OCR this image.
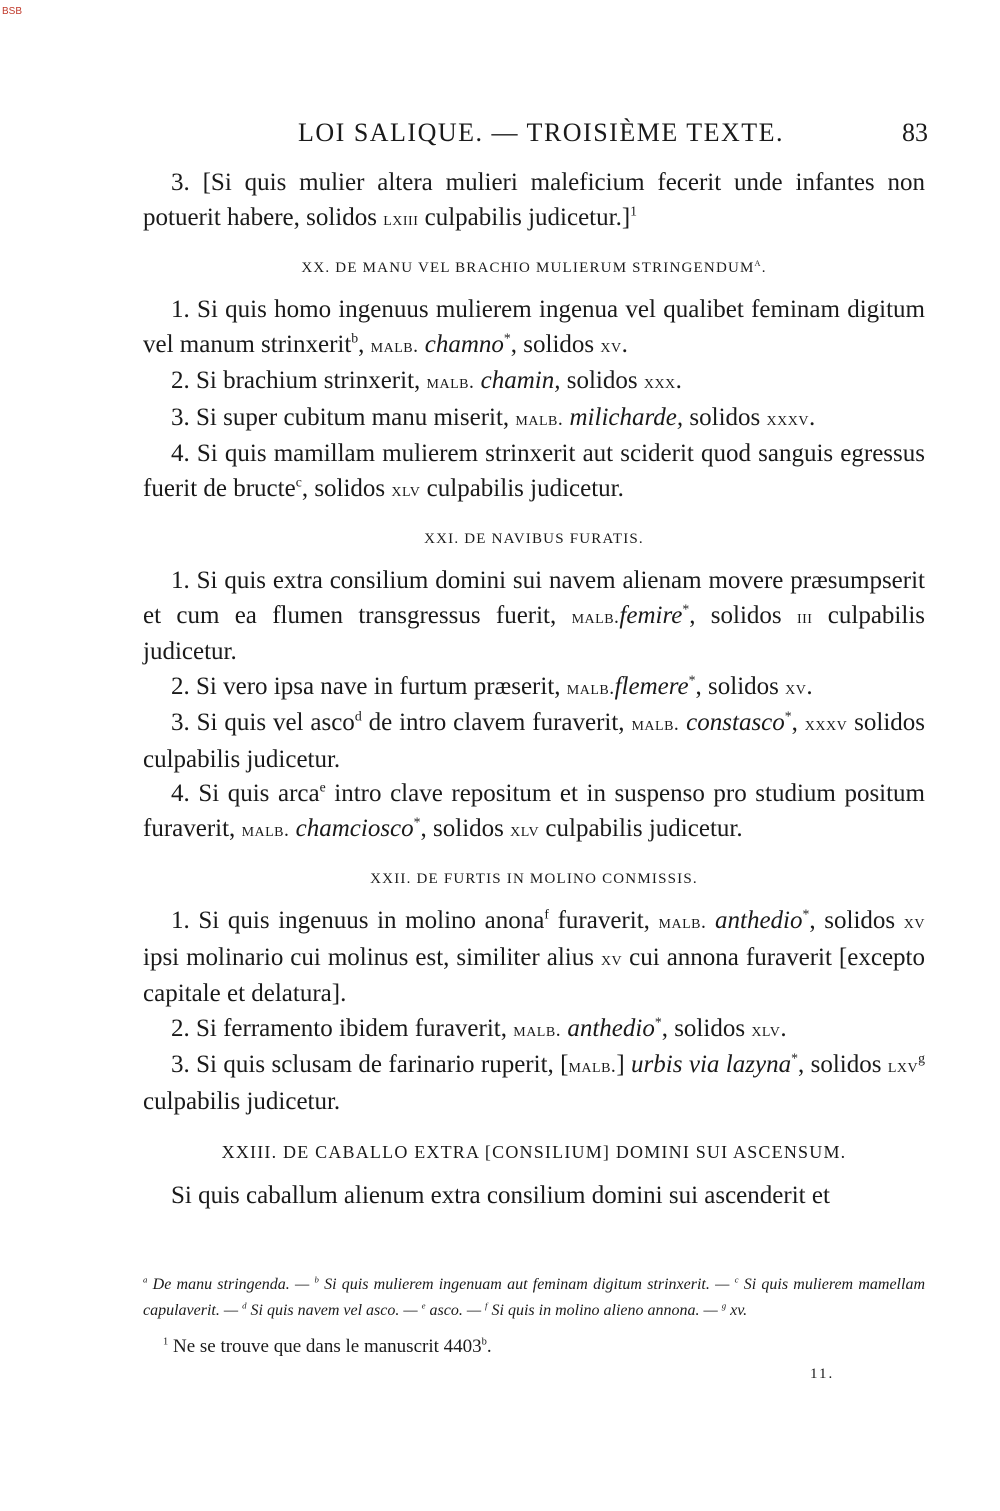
BSB
LOI SALIQUE. — TROISIÈME TEXTE.	83

3. [Si quis mulier altera mulieri maleficium fecerit unde infantes non potuerit habere, solidos lxiii culpabilis judicetur.]$^1$

XX. DE MANU VEL BRACHIO MULIERUM $STRINGENDUM^A$.

1. Si quis homo ingenuus mulierem ingenua vel qualibet feminam digitum vel manum strinxerit$^b$, malb. chamno*, solidos xv.

2. Si brachium strinxerit, malb. chamin, solidos xxx.

3. Si super cubitum manu miserit, malb. milicharde, solidos xxxv.

4. Si quis mamillam mulierem strinxerit aut sciderit quod sanguis egressus fuerit de bructe$^c$, solidos xlv culpabilis judicetur.

XXI. DE NAVIBUS FURATIS.

1. Si quis extra consilium domini sui navem alienam movere præsumpserit et cum ea flumen transgressus fuerit, malb.femire*, solidos iii culpabilis judicetur.

2. Si vero ipsa nave in furtum præserit, malb.flemere*, solidos xv.

3. Si quis vel asco$^d$ de intro clavem furaverit, malb. constasco*, xxxv solidos culpabilis judicetur.

4. Si quis arca$^e$ intro clave repositum et in suspenso pro studium positum furaverit, malb. chamciosco*, solidos xlv culpabilis judicetur.

XXII. DE FURTIS IN MOLINO CONMISSIS.

1. Si quis ingenuus in molino anona$^f$ furaverit, malb. anthedio*, solidos xv ipsi molinario cui molinus est, similiter alius xv cui annona furaverit [excepto capitale et delatura].

2. Si ferramento ibidem furaverit, malb. anthedio*, solidos xlv.

3. Si quis sclusam de farinario ruperit, [malb.] urbis via lazyna*, solidos lxv$^g$ culpabilis judicetur.

XXIII. DE CABALLO EXTRA [CONSILIUM] DOMINI SUI ASCENSUM.

Si quis caballum alienum extra consilium domini sui ascenderit et

$^a$ De manu stringenda. — $^b$ Si quis mulierem ingenuam aut feminam digitum strinxerit. — $^c$ Si quis mulierem mamellam capulaverit. — $^d$ Si quis navem vel asco. — $^e$ asco. — $^f$ Si quis in molino alieno annona. — $^g$ xv.

$^1$ Ne se trouve que dans le manuscrit 4403$^b$.
11.
